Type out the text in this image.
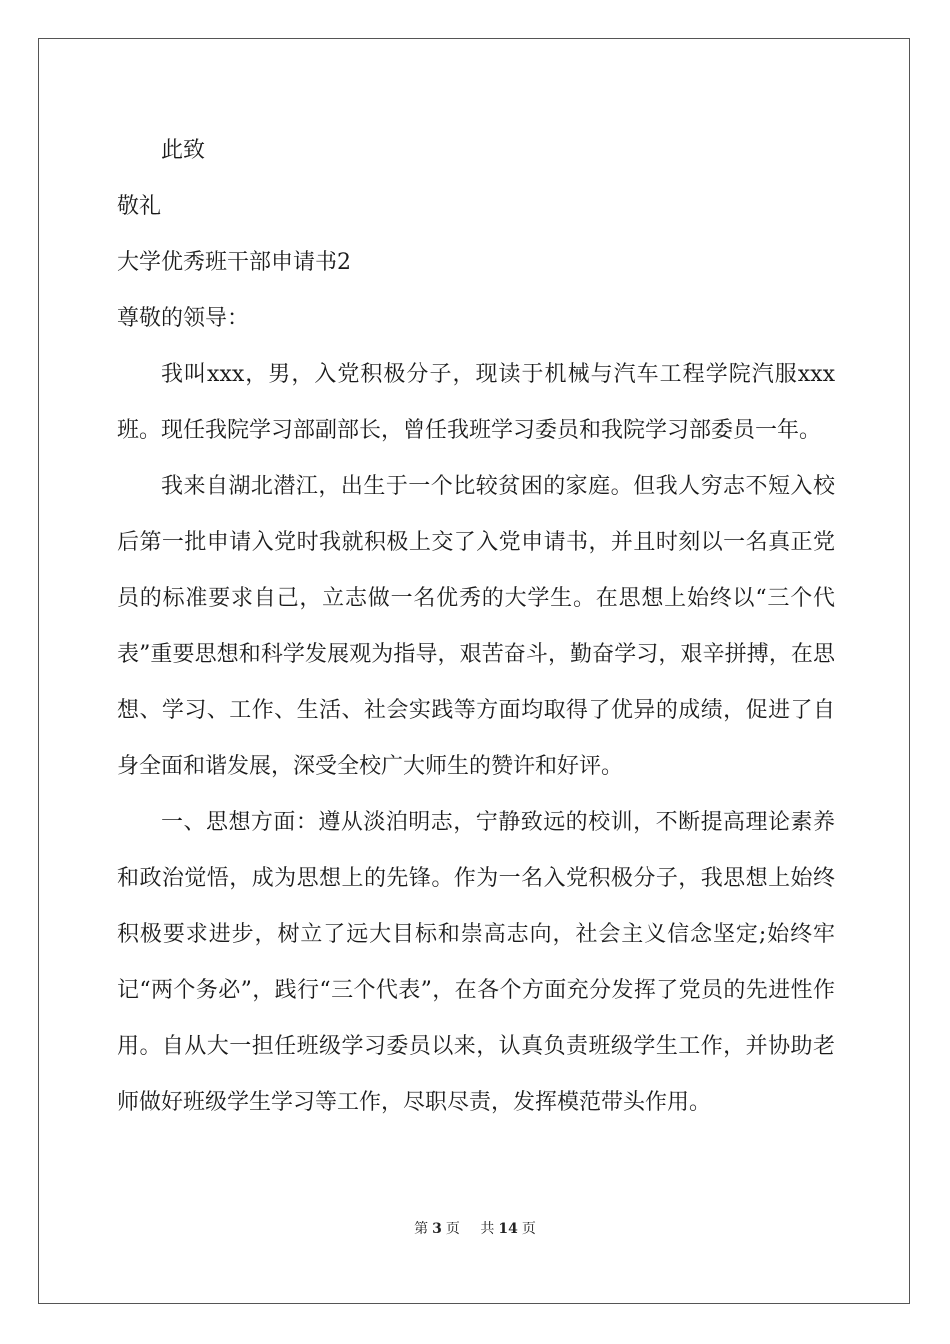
此致
敬礼
大学优秀班干部申请书2
尊敬的领导：
我叫xxx，男，入党积极分子，现读于机械与汽车工程学院汽服xxx班。现任我院学习部副部长，曾任我班学习委员和我院学习部委员一年。
我来自湖北潜江，出生于一个比较贫困的家庭。但我人穷志不短入校后第一批申请入党时我就积极上交了入党申请书，并且时刻以一名真正党员的标准要求自己，立志做一名优秀的大学生。在思想上始终以“三个代表”重要思想和科学发展观为指导，艰苦奋斗，勤奋学习，艰辛拼搏，在思想、学习、工作、生活、社会实践等方面均取得了优异的成绩，促进了自身全面和谐发展，深受全校广大师生的赞许和好评。
一、思想方面：遵从淡泊明志，宁静致远的校训，不断提高理论素养和政治觉悟，成为思想上的先锋。作为一名入党积极分子，我思想上始终积极要求进步，树立了远大目标和崇高志向，社会主义信念坚定;始终牢记“两个务必”，践行“三个代表”，在各个方面充分发挥了党员的先进性作用。自从大一担任班级学习委员以来，认真负责班级学生工作，并协助老师做好班级学生学习等工作，尽职尽责，发挥模范带头作用。
第 3 页 共 14 页
